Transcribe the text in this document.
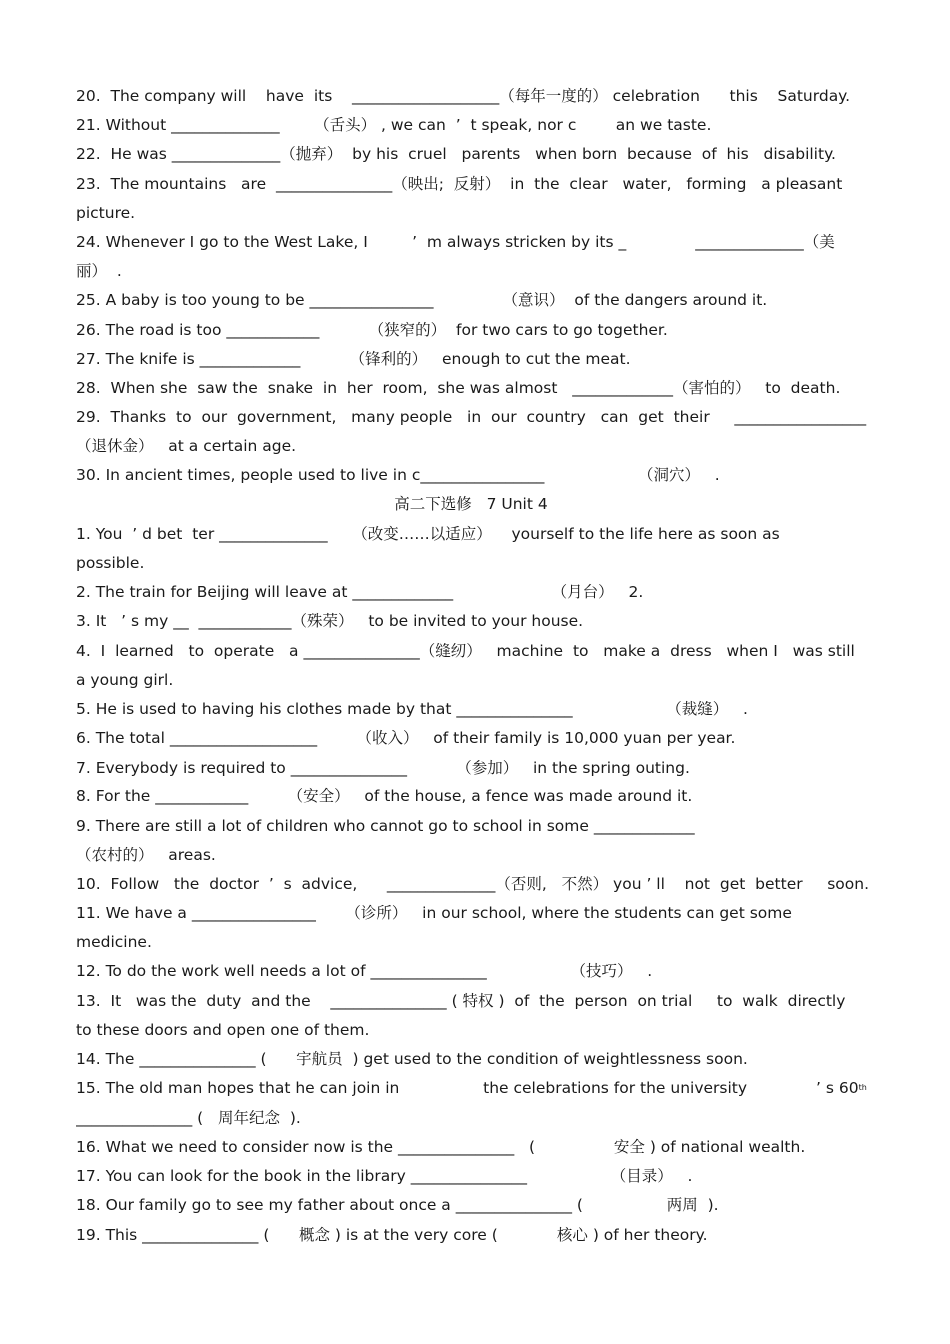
20.  The company will    have  its    ___________________（每年一度的） celebration      this    Saturday.
21. Without ______________       （舌头） , we can  ’  t speak, nor c        an we taste.
22.  He was ______________（抛弃）  by his  cruel   parents   when born  because  of  his   disability.
23.  The mountains   are  _______________（映出;  反射）  in  the  clear   water,   forming   a pleasant
picture.
24. Whenever I go to the West Lake, I         ’  m always stricken by its _              ______________（美
丽）  .
25. A baby is too young to be ________________              （意识）  of the dangers around it.
26. The road is too ____________          （狭窄的）  for two cars to go together.
27. The knife is _____________          （锋利的）   enough to cut the meat.
28.  When she  saw the  snake  in  her  room,  she was almost   _____________（害怕的）   to  death.
29.  Thanks  to  our  government,   many people   in  our  country   can  get  their     _________________
（退休金）   at a certain age.
30. In ancient times, people used to live in c________________                   （洞穴）   .
高二下选修   7 Unit 4
1. You  ’ d bet  ter ______________     （改变……以适应）    yourself to the life here as soon as
possible.
2. The train for Beijing will leave at _____________                    （月台）   2.
3. It   ’ s my __  ____________（殊荣）   to be invited to your house.
4.  I  learned   to  operate   a _______________（缝纫）   machine  to   make a  dress   when I   was still
a young girl.
5. He is used to having his clothes made by that _______________                   （裁缝）   .
6. The total ___________________        （收入）   of their family is 10,000 yuan per year.
7. Everybody is required to _______________          （参加）   in the spring outing.
8. For the ____________        （安全）   of the house, a fence was made around it.
9. There are still a lot of children who cannot go to school in some _____________
（农村的）   areas.
10.  Follow   the  doctor  ’  s  advice,      ______________（否则,   不然） you ’ ll    not  get  better     soon.
11. We have a ________________      （诊所）   in our school, where the students can get some
medicine.
12. To do the work well needs a lot of _______________                 （技巧）   .
13.  It   was the  duty  and the    _______________ ( 特权 )  of  the  person  on trial     to  walk  directly
to these doors and open one of them.
14. The _______________ (      宇航员  ) get used to the condition of weightlessness soon.
15. The old man hopes that he can join in                 the celebrations for the university              ’ s 60th
_______________ (   周年纪念  ).
16. What we need to consider now is the _______________   (                安全 ) of national wealth.
17. You can look for the book in the library _______________                 （目录）   .
18. Our family go to see my father about once a _______________ (                 两周  ).
19. This _______________ (      概念 ) is at the very core (            核心 ) of her theory.
